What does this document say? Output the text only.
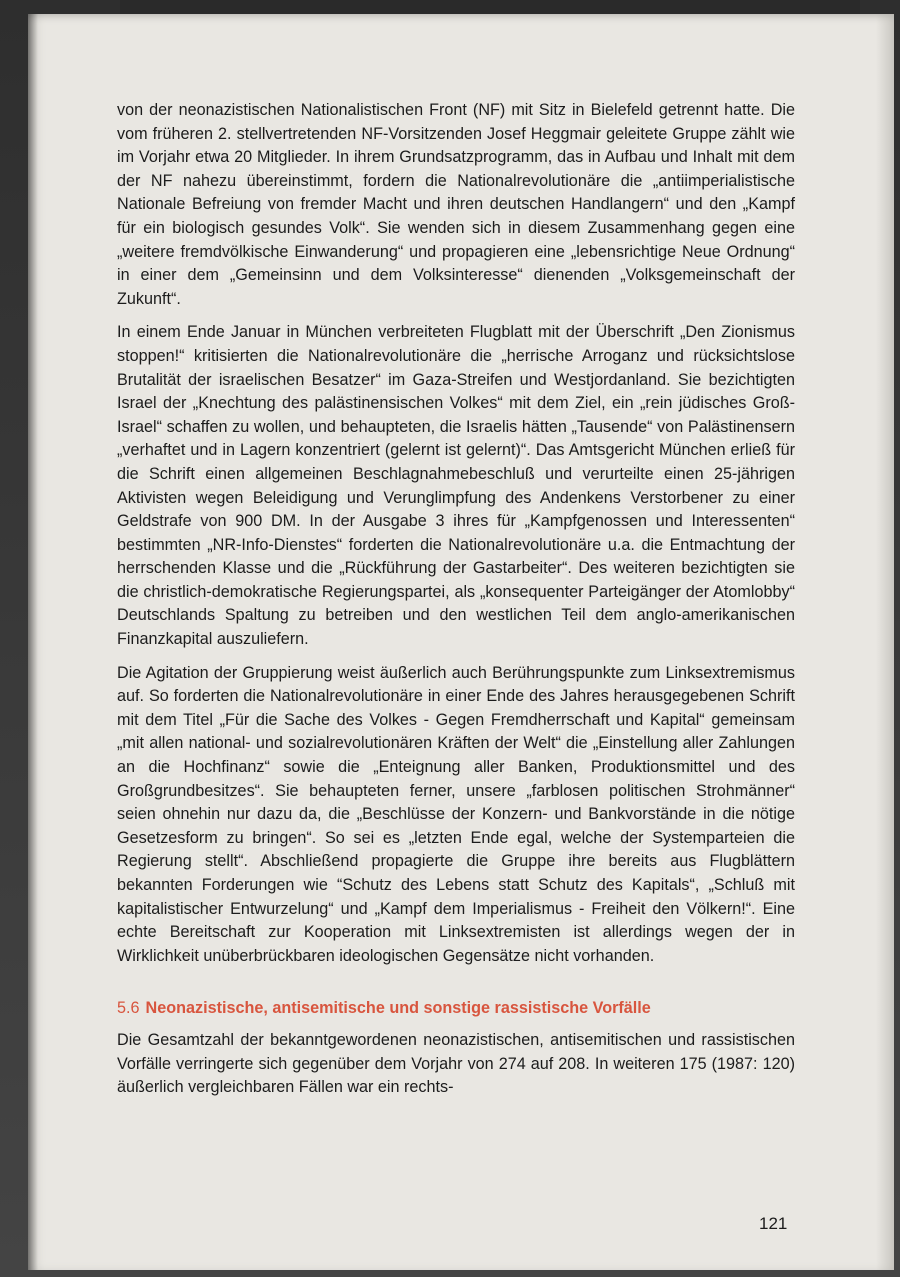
von der neonazistischen Nationalistischen Front (NF) mit Sitz in Bielefeld getrennt hatte. Die vom früheren 2. stellvertretenden NF-Vorsitzenden Josef Heggmair geleitete Gruppe zählt wie im Vorjahr etwa 20 Mitglieder. In ihrem Grundsatzprogramm, das in Aufbau und Inhalt mit dem der NF nahezu übereinstimmt, fordern die Nationalrevolutionäre die „antiimperialistische Nationale Befreiung von fremder Macht und ihren deutschen Handlangern“ und den „Kampf für ein biologisch gesundes Volk“. Sie wenden sich in diesem Zusammenhang gegen eine „weitere fremdvölkische Einwanderung“ und propagieren eine „lebensrichtige Neue Ordnung“ in einer dem „Gemeinsinn und dem Volksinteresse“ dienenden „Volksgemeinschaft der Zukunft“.

In einem Ende Januar in München verbreiteten Flugblatt mit der Überschrift „Den Zionismus stoppen!“ kritisierten die Nationalrevolutionäre die „herrische Arroganz und rücksichtslose Brutalität der israelischen Besatzer“ im Gaza-Streifen und Westjordanland. Sie bezichtigten Israel der „Knechtung des palästinensischen Volkes“ mit dem Ziel, ein „rein jüdisches Groß-Israel“ schaffen zu wollen, und behaupteten, die Israelis hätten „Tausende“ von Palästinensern „verhaftet und in Lagern konzentriert (gelernt ist gelernt)“. Das Amtsgericht München erließ für die Schrift einen allgemeinen Beschlagnahmebeschluß und verurteilte einen 25-jährigen Aktivisten wegen Beleidigung und Verunglimpfung des Andenkens Verstorbener zu einer Geldstrafe von 900 DM. In der Ausgabe 3 ihres für „Kampfgenossen und Interessenten“ bestimmten „NR-Info-Dienstes“ forderten die Nationalrevolutionäre u.a. die Entmachtung der herrschenden Klasse und die „Rückführung der Gastarbeiter“. Des weiteren bezichtigten sie die christlich-demokratische Regierungspartei, als „konsequenter Parteigänger der Atomlobby“ Deutschlands Spaltung zu betreiben und den westlichen Teil dem anglo-amerikanischen Finanzkapital auszuliefern.

Die Agitation der Gruppierung weist äußerlich auch Berührungspunkte zum Linksextremismus auf. So forderten die Nationalrevolutionäre in einer Ende des Jahres herausgegebenen Schrift mit dem Titel „Für die Sache des Volkes - Gegen Fremdherrschaft und Kapital“ gemeinsam „mit allen national- und sozialrevolutionären Kräften der Welt“ die „Einstellung aller Zahlungen an die Hochfinanz“ sowie die „Enteignung aller Banken, Produktionsmittel und des Großgrundbesitzes“. Sie behaupteten ferner, unsere „farblosen politischen Strohmänner“ seien ohnehin nur dazu da, die „Beschlüsse der Konzern- und Bankvorstände in die nötige Gesetzesform zu bringen“. So sei es „letzten Ende egal, welche der Systemparteien die Regierung stellt“. Abschließend propagierte die Gruppe ihre bereits aus Flugblättern bekannten Forderungen wie “Schutz des Lebens statt Schutz des Kapitals“, „Schluß mit kapitalistischer Entwurzelung“ und „Kampf dem Imperialismus - Freiheit den Völkern!“. Eine echte Bereitschaft zur Kooperation mit Linksextremisten ist allerdings wegen der in Wirklichkeit unüberbrückbaren ideologischen Gegensätze nicht vorhanden.

5.6 Neonazistische, antisemitische und sonstige rassistische Vorfälle

Die Gesamtzahl der bekanntgewordenen neonazistischen, antisemitischen und rassistischen Vorfälle verringerte sich gegenüber dem Vorjahr von 274 auf 208. In weiteren 175 (1987: 120) äußerlich vergleichbaren Fällen war ein rechts-

121
